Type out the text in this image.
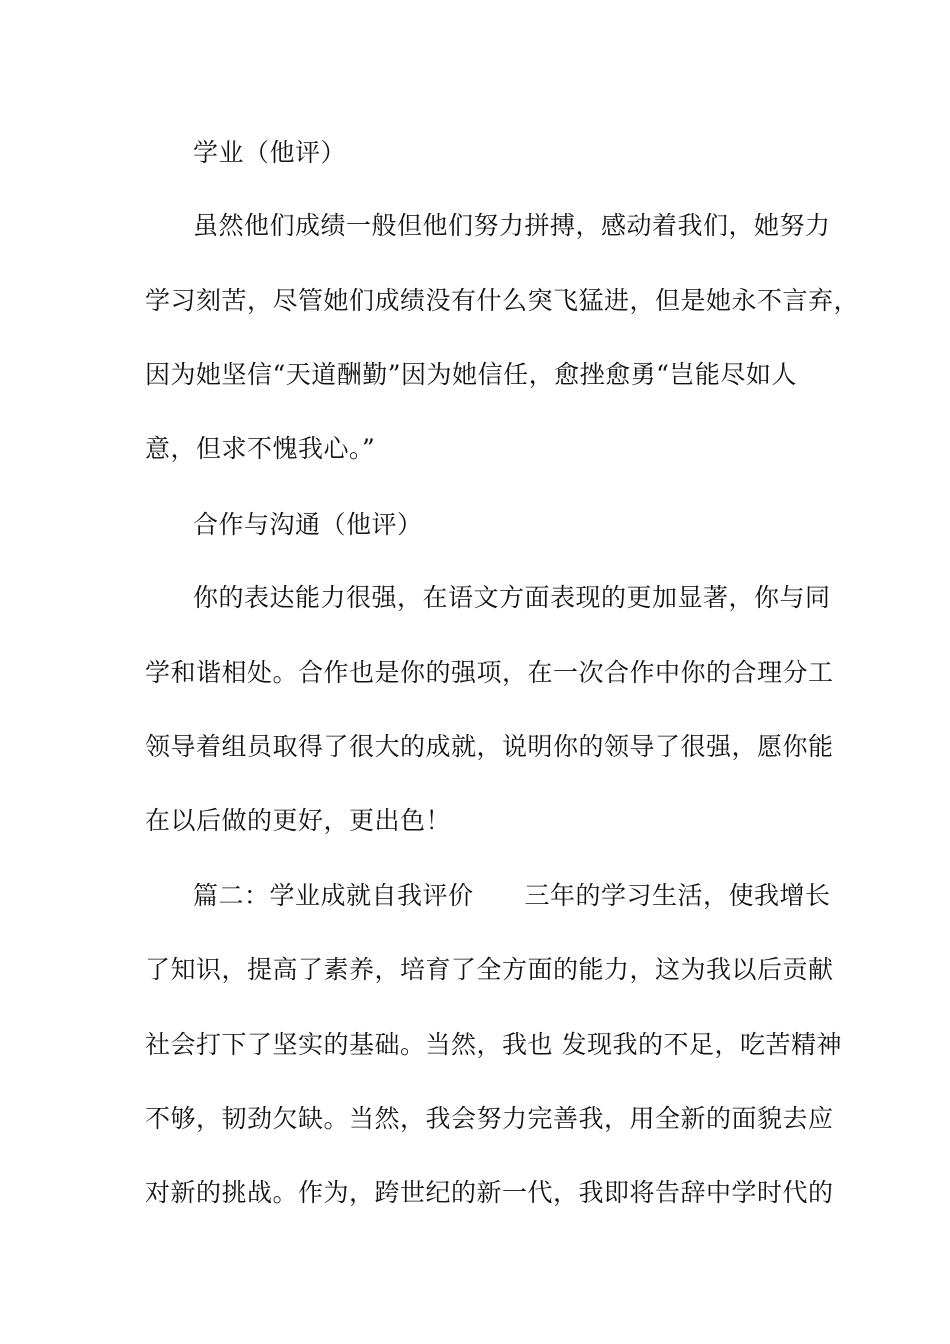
学业（他评）
虽然他们成绩一般但他们努力拼搏，感动着我们，她努力
学习刻苦，尽管她们成绩没有什么突飞猛进，但是她永不言弃，
因为她坚信“天道酬勤”因为她信任，愈挫愈勇“岂能尽如人
意，但求不愧我心。”
合作与沟通（他评）
你的表达能力很强，在语文方面表现的更加显著，你与同
学和谐相处。合作也是你的强项，在一次合作中你的合理分工
领导着组员取得了很大的成就，说明你的领导了很强，愿你能
在以后做的更好，更出色！
篇二：学业成就自我评价　　三年的学习生活，使我增长
了知识，提高了素养，培育了全方面的能力，这为我以后贡献
社会打下了坚实的基础。当然，我也 发现我的不足，吃苦精神
不够，韧劲欠缺。当然，我会努力完善我，用全新的面貌去应
对新的挑战。作为，跨世纪的新一代，我即将告辞中学时代的
